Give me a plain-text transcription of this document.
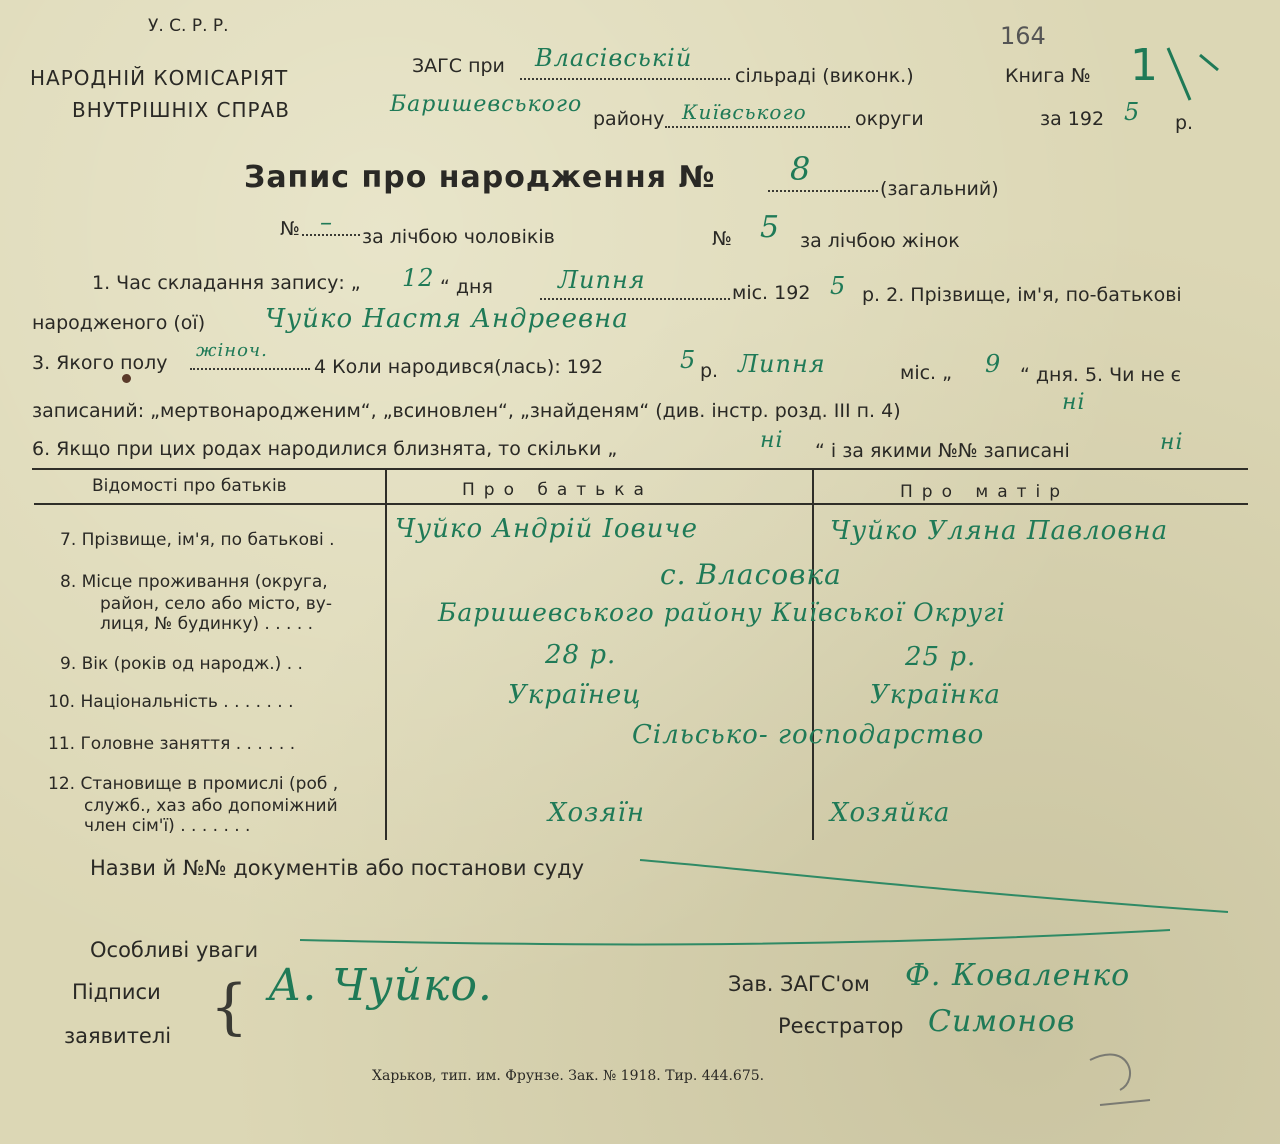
У. С. Р. Р.
НАРОДНІЙ КОМІСАРІЯТ
ВНУТРІШНІХ СПРАВ
ЗАГС при Власівській
сільраді (виконк.)
Баришевського
району Київського	округи
164
Книга № 1
за 192 5 р.
Запис про народження № 8
(загальний)
№ –
за лічбою чоловіків	№ 5 за лічбою жінок
1. Час складання запису: „ 12 “ дня	Липня	міс. 192 5 р. 2. Прізвище, ім'я, по-батькові
народженого (ої) Чуйко Настя Андреевна
3. Якого полу
жіноч.
4 Коли народився(лась): 192	5 р. Липня	міс. „ 9 “ дня. 5. Чи не є
записаний: „мертвонародженим“, „всиновлен“, „знайденям“ (див. інстр. розд. III п. 4)	ні
6. Якщо при цих родах народилися близнята, то скільки „	ні “ і за якими №№ записані	ні
Відомості про батьків	Про батька	Про матір
7. Прізвище, ім'я, по батькові . Чуйко Андрій Іовиче	Чуйко Уляна Павловна
8. Місце проживання (округа,
район, село або місто, ву-
лиця, № будинку) . . . . .
с. Власовка
Баришевського району Київської Округі
9. Вік (років од народж.) . .	28 р.	25 р.
10. Національність . . . . . . .	Українец	Українка
11. Головне заняття . . . . . .	Сільсько- господарство
12. Становище в промислі (роб ,
служб., хаз або допоміжний
член сім'ї) . . . . . . .	Хозяїн	Хозяйка
Назви й №№ документів або постанови суду
Особливі уваги
Підписи
заявителі { А. Чуйко.	Зав. ЗАГС'ом Ф. Коваленко
Реєстратор Симонов
Харьков, тип. им. Фрунзе. Зак. № 1918. Тир. 444.675.
